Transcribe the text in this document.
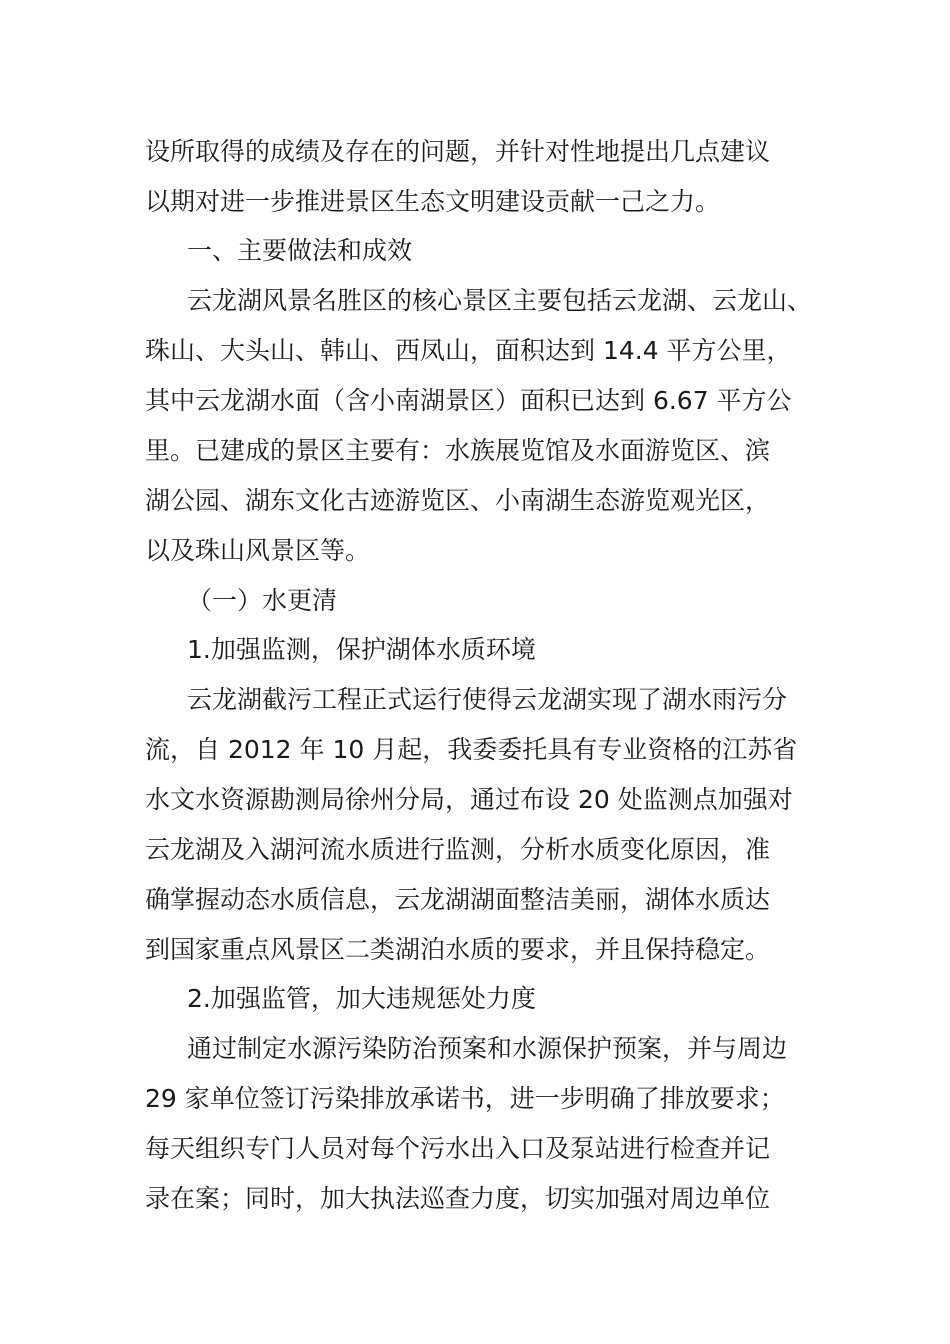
设所取得的成绩及存在的问题，并针对性地提出几点建议
以期对进一步推进景区生态文明建设贡献一己之力。
一、主要做法和成效
云龙湖风景名胜区的核心景区主要包括云龙湖、云龙山、
珠山、大头山、韩山、西凤山，面积达到 14.4 平方公里，
其中云龙湖水面（含小南湖景区）面积已达到 6.67 平方公
里。已建成的景区主要有：水族展览馆及水面游览区、滨
湖公园、湖东文化古迹游览区、小南湖生态游览观光区，
以及珠山风景区等。
（一）水更清
1.加强监测，保护湖体水质环境
云龙湖截污工程正式运行使得云龙湖实现了湖水雨污分
流，自 2012 年 10 月起，我委委托具有专业资格的江苏省
水文水资源勘测局徐州分局，通过布设 20 处监测点加强对
云龙湖及入湖河流水质进行监测，分析水质变化原因，准
确掌握动态水质信息，云龙湖湖面整洁美丽，湖体水质达
到国家重点风景区二类湖泊水质的要求，并且保持稳定。
2.加强监管，加大违规惩处力度
通过制定水源污染防治预案和水源保护预案，并与周边
29 家单位签订污染排放承诺书，进一步明确了排放要求；
每天组织专门人员对每个污水出入口及泵站进行检查并记
录在案；同时，加大执法巡查力度，切实加强对周边单位
